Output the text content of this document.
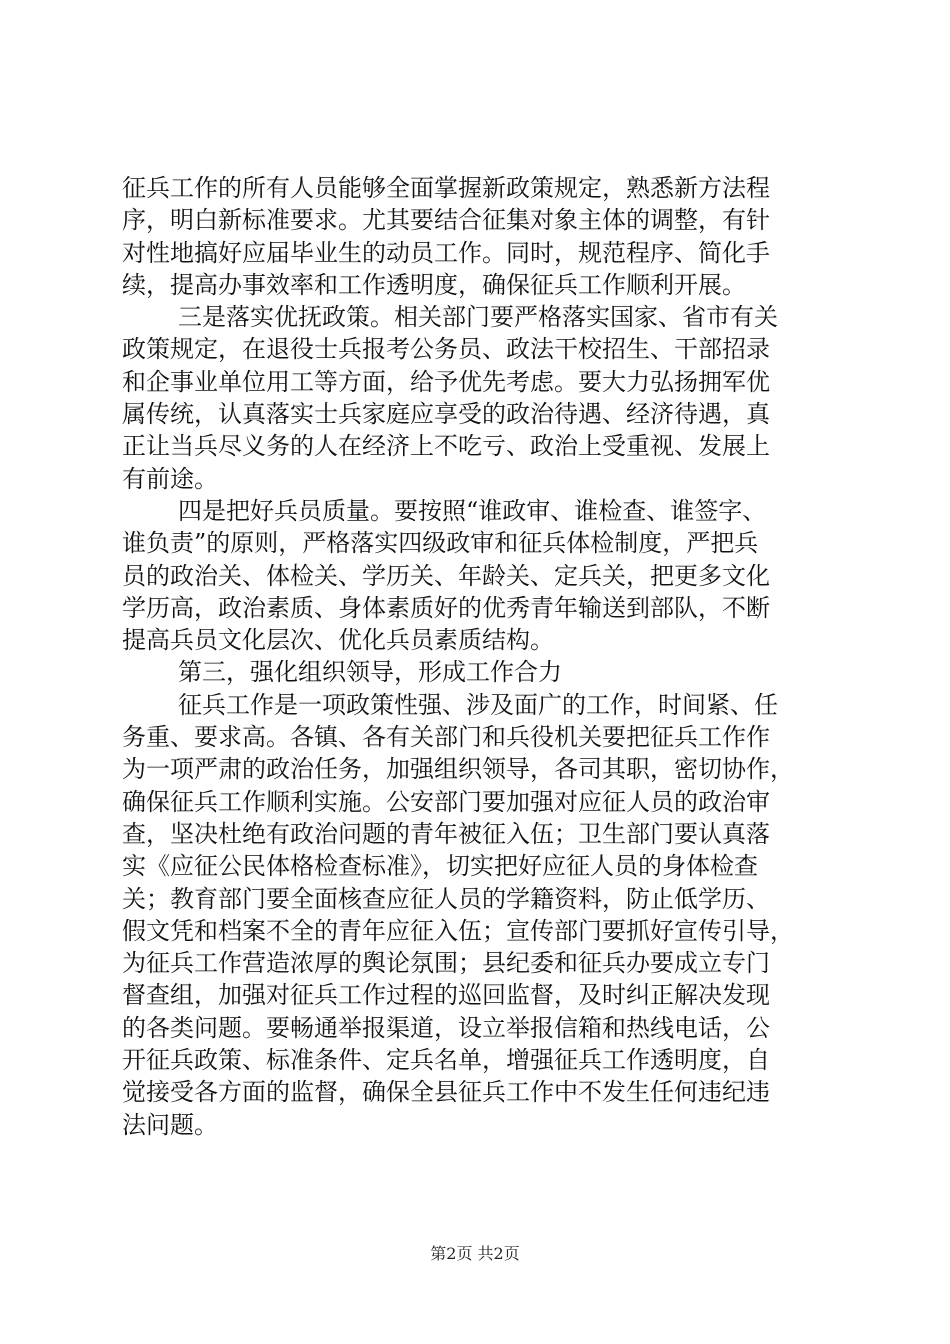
征兵工作的所有人员能够全面掌握新政策规定，熟悉新方法程
序，明白新标准要求。尤其要结合征集对象主体的调整，有针
对性地搞好应届毕业生的动员工作。同时，规范程序、简化手
续，提高办事效率和工作透明度，确保征兵工作顺利开展。
三是落实优抚政策。相关部门要严格落实国家、省市有关
政策规定，在退役士兵报考公务员、政法干校招生、干部招录
和企事业单位用工等方面，给予优先考虑。要大力弘扬拥军优
属传统，认真落实士兵家庭应享受的政治待遇、经济待遇，真
正让当兵尽义务的人在经济上不吃亏、政治上受重视、发展上
有前途。
四是把好兵员质量。要按照“谁政审、谁检查、谁签字、
谁负责”的原则，严格落实四级政审和征兵体检制度，严把兵
员的政治关、体检关、学历关、年龄关、定兵关，把更多文化
学历高，政治素质、身体素质好的优秀青年输送到部队，不断
提高兵员文化层次、优化兵员素质结构。
第三，强化组织领导，形成工作合力
征兵工作是一项政策性强、涉及面广的工作，时间紧、任
务重、要求高。各镇、各有关部门和兵役机关要把征兵工作作
为一项严肃的政治任务，加强组织领导，各司其职，密切协作，
确保征兵工作顺利实施。公安部门要加强对应征人员的政治审
查，坚决杜绝有政治问题的青年被征入伍；卫生部门要认真落
实《应征公民体格检查标准》，切实把好应征人员的身体检查
关；教育部门要全面核查应征人员的学籍资料，防止低学历、
假文凭和档案不全的青年应征入伍；宣传部门要抓好宣传引导，
为征兵工作营造浓厚的舆论氛围；县纪委和征兵办要成立专门
督查组，加强对征兵工作过程的巡回监督，及时纠正解决发现
的各类问题。要畅通举报渠道，设立举报信箱和热线电话，公
开征兵政策、标准条件、定兵名单，增强征兵工作透明度，自
觉接受各方面的监督，确保全县征兵工作中不发生任何违纪违
法问题。
第2页 共2页
